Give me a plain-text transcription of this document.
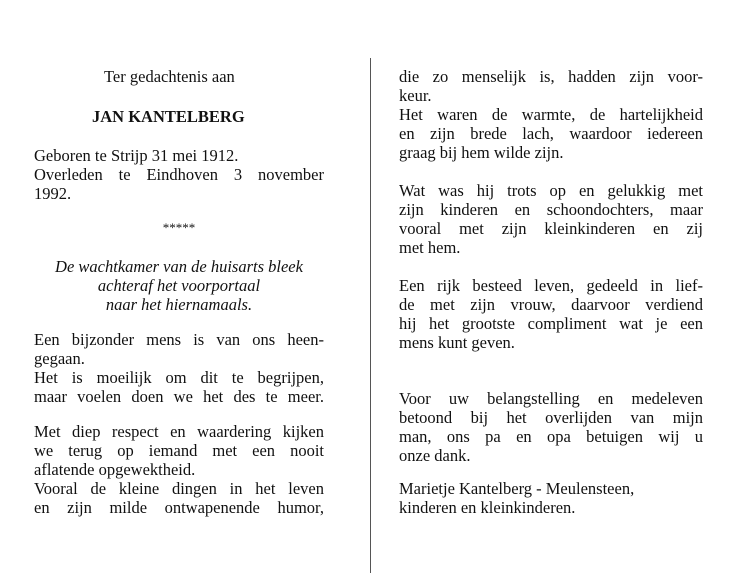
Ter gedachtenis aan
JAN KANTELBERG
Geboren te Strijp 31 mei 1912.
Overleden te Eindhoven 3 november
1992.
*****
De wachtkamer van de huisarts bleek
achteraf het voorportaal
naar het hiernamaals.
Een bijzonder mens is van ons heen-
gegaan.
Het is moeilijk om dit te begrijpen,
maar voelen doen we het des te meer.
Met diep respect en waardering kijken
we terug op iemand met een nooit
aflatende opgewektheid.
Vooral de kleine dingen in het leven
en zijn milde ontwapenende humor,
die zo menselijk is, hadden zijn voor-
keur.
Het waren de warmte, de hartelijkheid
en zijn brede lach, waardoor iedereen
graag bij hem wilde zijn.
Wat was hij trots op en gelukkig met
zijn kinderen en schoondochters, maar
vooral met zijn kleinkinderen en zij
met hem.
Een rijk besteed leven, gedeeld in lief-
de met zijn vrouw, daarvoor verdiend
hij het grootste compliment wat je een
mens kunt geven.
Voor uw belangstelling en medeleven
betoond bij het overlijden van mijn
man, ons pa en opa betuigen wij u
onze dank.
Marietje Kantelberg - Meulensteen,
kinderen en kleinkinderen.
